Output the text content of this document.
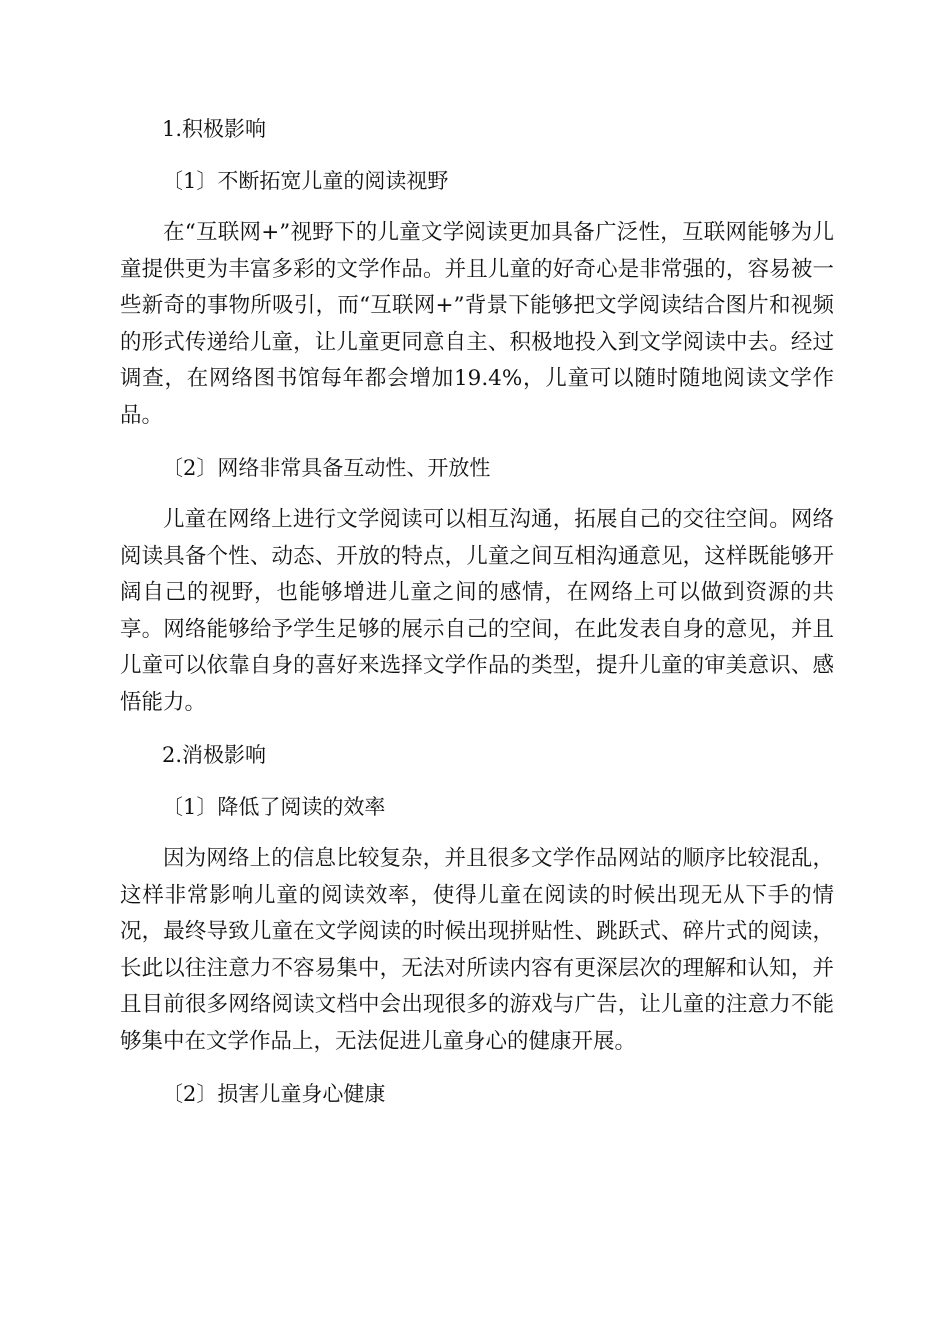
1.积极影响

〔1〕不断拓宽儿童的阅读视野

在“互联网+”视野下的儿童文学阅读更加具备广泛性，互联网能够为儿童提供更为丰富多彩的文学作品。并且儿童的好奇心是非常强的，容易被一些新奇的事物所吸引，而“互联网+”背景下能够把文学阅读结合图片和视频的形式传递给儿童，让儿童更同意自主、积极地投入到文学阅读中去。经过调查，在网络图书馆每年都会增加19.4%，儿童可以随时随地阅读文学作品。

〔2〕网络非常具备互动性、开放性

儿童在网络上进行文学阅读可以相互沟通，拓展自己的交往空间。网络阅读具备个性、动态、开放的特点，儿童之间互相沟通意见，这样既能够开阔自己的视野，也能够增进儿童之间的感情，在网络上可以做到资源的共享。网络能够给予学生足够的展示自己的空间，在此发表自身的意见，并且儿童可以依靠自身的喜好来选择文学作品的类型，提升儿童的审美意识、感悟能力。

2.消极影响

〔1〕降低了阅读的效率

因为网络上的信息比较复杂，并且很多文学作品网站的顺序比较混乱，这样非常影响儿童的阅读效率，使得儿童在阅读的时候出现无从下手的情况，最终导致儿童在文学阅读的时候出现拼贴性、跳跃式、碎片式的阅读，长此以往注意力不容易集中，无法对所读内容有更深层次的理解和认知，并且目前很多网络阅读文档中会出现很多的游戏与广告，让儿童的注意力不能够集中在文学作品上，无法促进儿童身心的健康开展。

〔2〕损害儿童身心健康
